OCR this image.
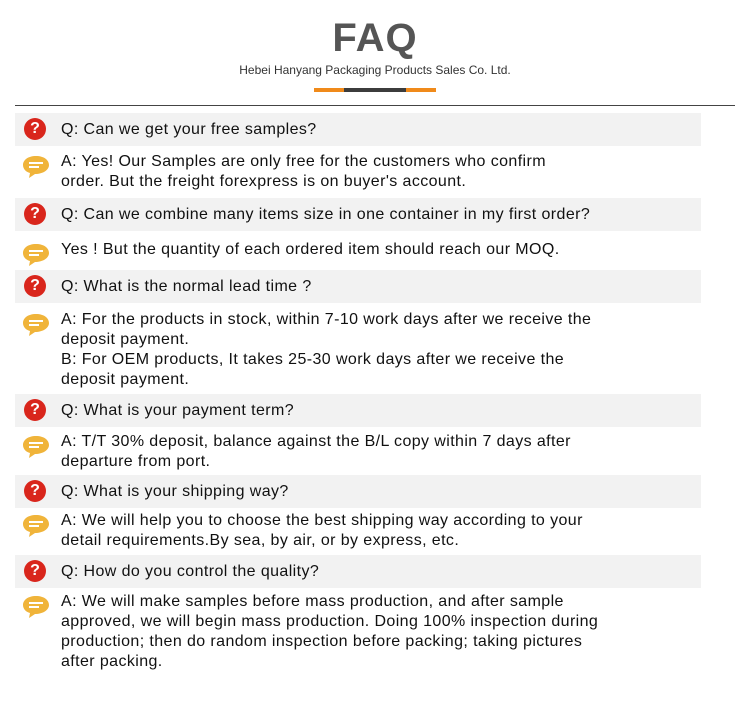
FAQ
Hebei Hanyang Packaging Products Sales Co. Ltd.
?	Q: Can we get your free samples?
A: Yes! Our Samples are only free for the customers who confirm
order. But the freight forexpress is on buyer's account.
?	Q: Can we combine many items size in one container in my first order?
Yes ! But the quantity of each ordered item should reach our MOQ.
?	Q: What is the normal lead time ?
A: For the products in stock, within 7-10 work days after we receive the
deposit payment.
B: For OEM products, It takes 25-30 work days after we receive the
deposit payment.
?	Q: What is your payment term?
A: T/T 30% deposit, balance against the B/L copy within 7 days after
departure from port.
?	Q: What is your shipping way?
A: We will help you to choose the best shipping way according to your
detail requirements.By sea, by air, or by express, etc.
?	Q: How do you control the quality?
A: We will make samples before mass production, and after sample
approved, we will begin mass production. Doing 100% inspection during
production; then do random inspection before packing; taking pictures
after packing.
